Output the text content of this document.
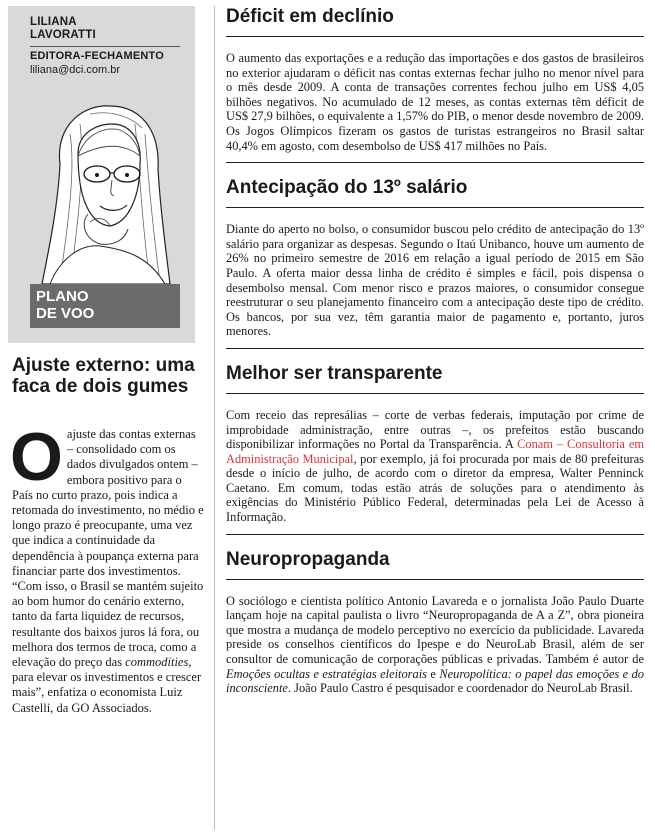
LILIANA
LAVORATTI
EDITORA-FECHAMENTO
liliana@dci.com.br
PLANO
DE VOO
Ajuste externo: uma
faca de dois gumes
O ajuste das contas externas – consolidado com os dados divulgados ontem – embora positivo para o País no curto prazo, pois indica a retomada do investimento, no médio e longo prazo é preocupante, uma vez que indica a continuidade da dependência à poupança externa para financiar parte dos investimentos. “Com isso, o Brasil se mantém sujeito ao bom humor do cenário externo, tanto da farta liquidez de recursos, resultante dos baixos juros lá fora, ou melhora dos termos de troca, como a elevação do preço das commodities, para elevar os investimentos e crescer mais”, enfatiza o economista Luiz Castelli, da GO Associados.
Déficit em declínio

O aumento das exportações e a redução das importações e dos gastos de brasileiros no exterior ajudaram o déficit nas contas externas fechar julho no menor nível para o mês desde 2009. A conta de transações correntes fechou julho em US$ 4,05 bilhões negativos. No acumulado de 12 meses, as contas externas têm déficit de US$ 27,9 bilhões, o equivalente a 1,57% do PIB, o menor desde novembro de 2009. Os Jogos Olímpicos fizeram os gastos de turistas estrangeiros no Brasil saltar 40,4% em agosto, com desembolso de US$ 417 milhões no País.

Antecipação do 13º salário

Diante do aperto no bolso, o consumidor buscou pelo crédito de antecipação do 13º salário para organizar as despesas. Segundo o Itaú Unibanco, houve um aumento de 26% no primeiro semestre de 2016 em relação a igual período de 2015 em São Paulo. A oferta maior dessa linha de crédito é simples e fácil, pois dispensa o desembolso mensal. Com menor risco e prazos maiores, o consumidor consegue reestruturar o seu planejamento financeiro com a antecipação deste tipo de crédito. Os bancos, por sua vez, têm garantia maior de pagamento e, portanto, juros menores.

Melhor ser transparente

Com receio das represálias – corte de verbas federais, imputação por crime de improbidade administração, entre outras –, os prefeitos estão buscando disponibilizar informações no Portal da Transparência. A Conam – Consultoria em Administração Municipal, por exemplo, já foi procurada por mais de 80 prefeituras desde o início de julho, de acordo com o diretor da empresa, Walter Penninck Caetano. Em comum, todas estão atrás de soluções para o atendimento às exigências do Ministério Público Federal, determinadas pela Lei de Acesso à Informação.

Neuropropaganda

O sociólogo e cientista político Antonio Lavareda e o jornalista João Paulo Duarte lançam hoje na capital paulista o livro “Neuropropaganda de A a Z”, obra pioneira que mostra a mudança de modelo perceptivo no exercício da publicidade. Lavareda preside os conselhos científicos do Ipespe e do NeuroLab Brasil, além de ser consultor de comunicação de corporações públicas e privadas. Também é autor de Emoções ocultas e estratégias eleitorais e Neuropolítica: o papel das emoções e do inconsciente. João Paulo Castro é pesquisador e coordenador do NeuroLab Brasil.
